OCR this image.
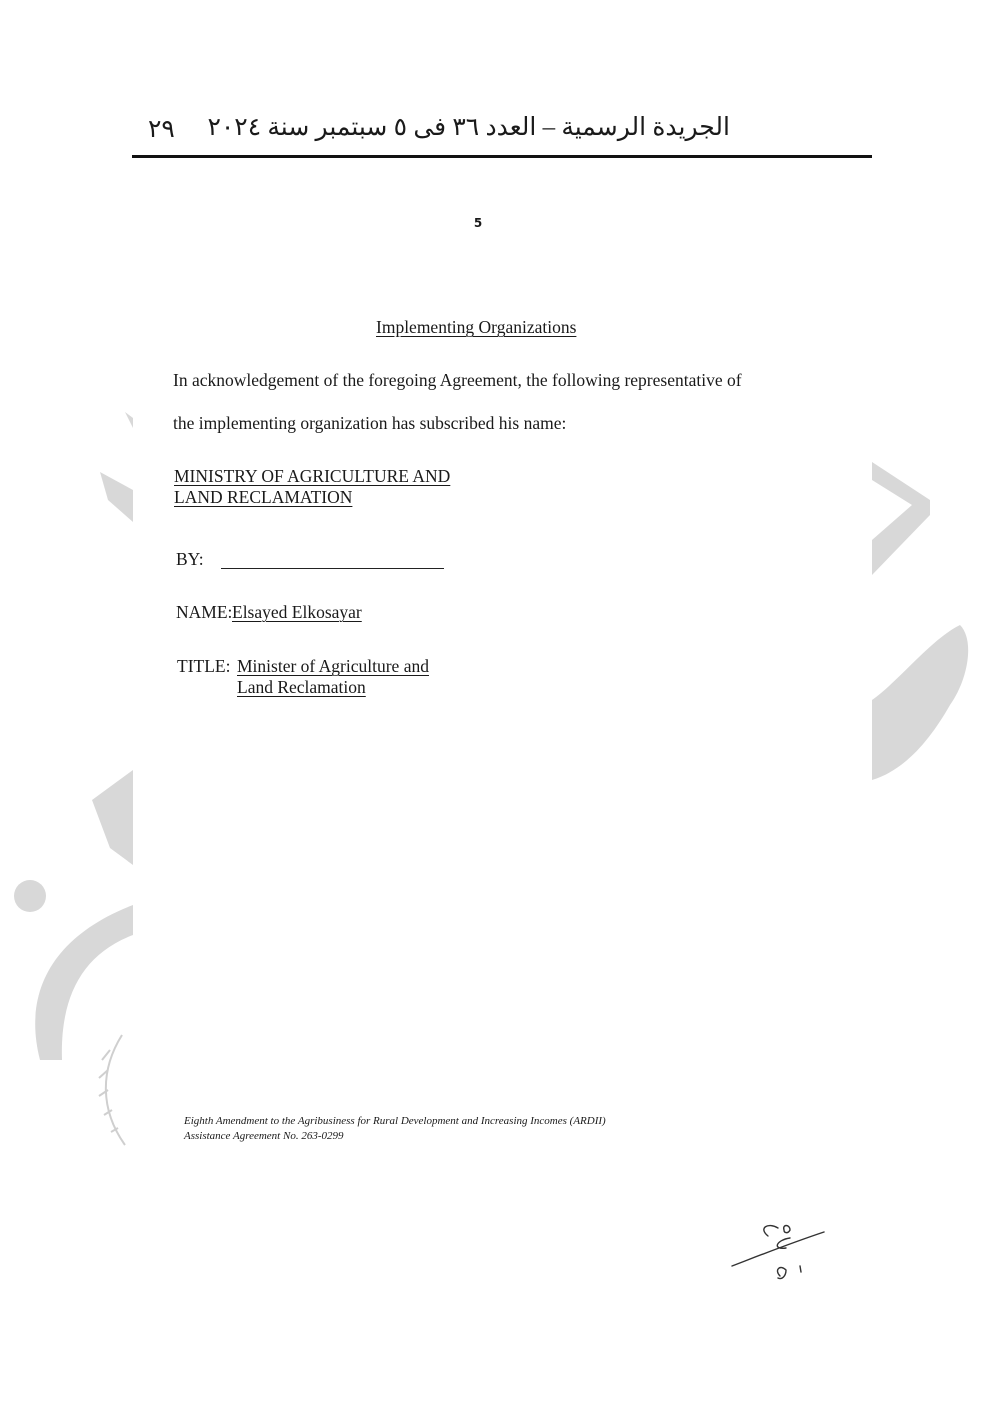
الجريدة الرسمية – العدد ٣٦ فى ٥ سبتمبر سنة ٢٠٢٤
٢٩
5
Implementing Organizations
In acknowledgement of the foregoing Agreement, the following representative of
the implementing organization has subscribed his name:
MINISTRY OF AGRICULTURE AND
LAND RECLAMATION
BY:
NAME: Elsayed Elkosayar
TITLE: Minister of Agriculture and
Land Reclamation
Eighth Amendment to the Agribusiness for Rural Development and Increasing Incomes (ARDII)
Assistance Agreement No. 263-0299
